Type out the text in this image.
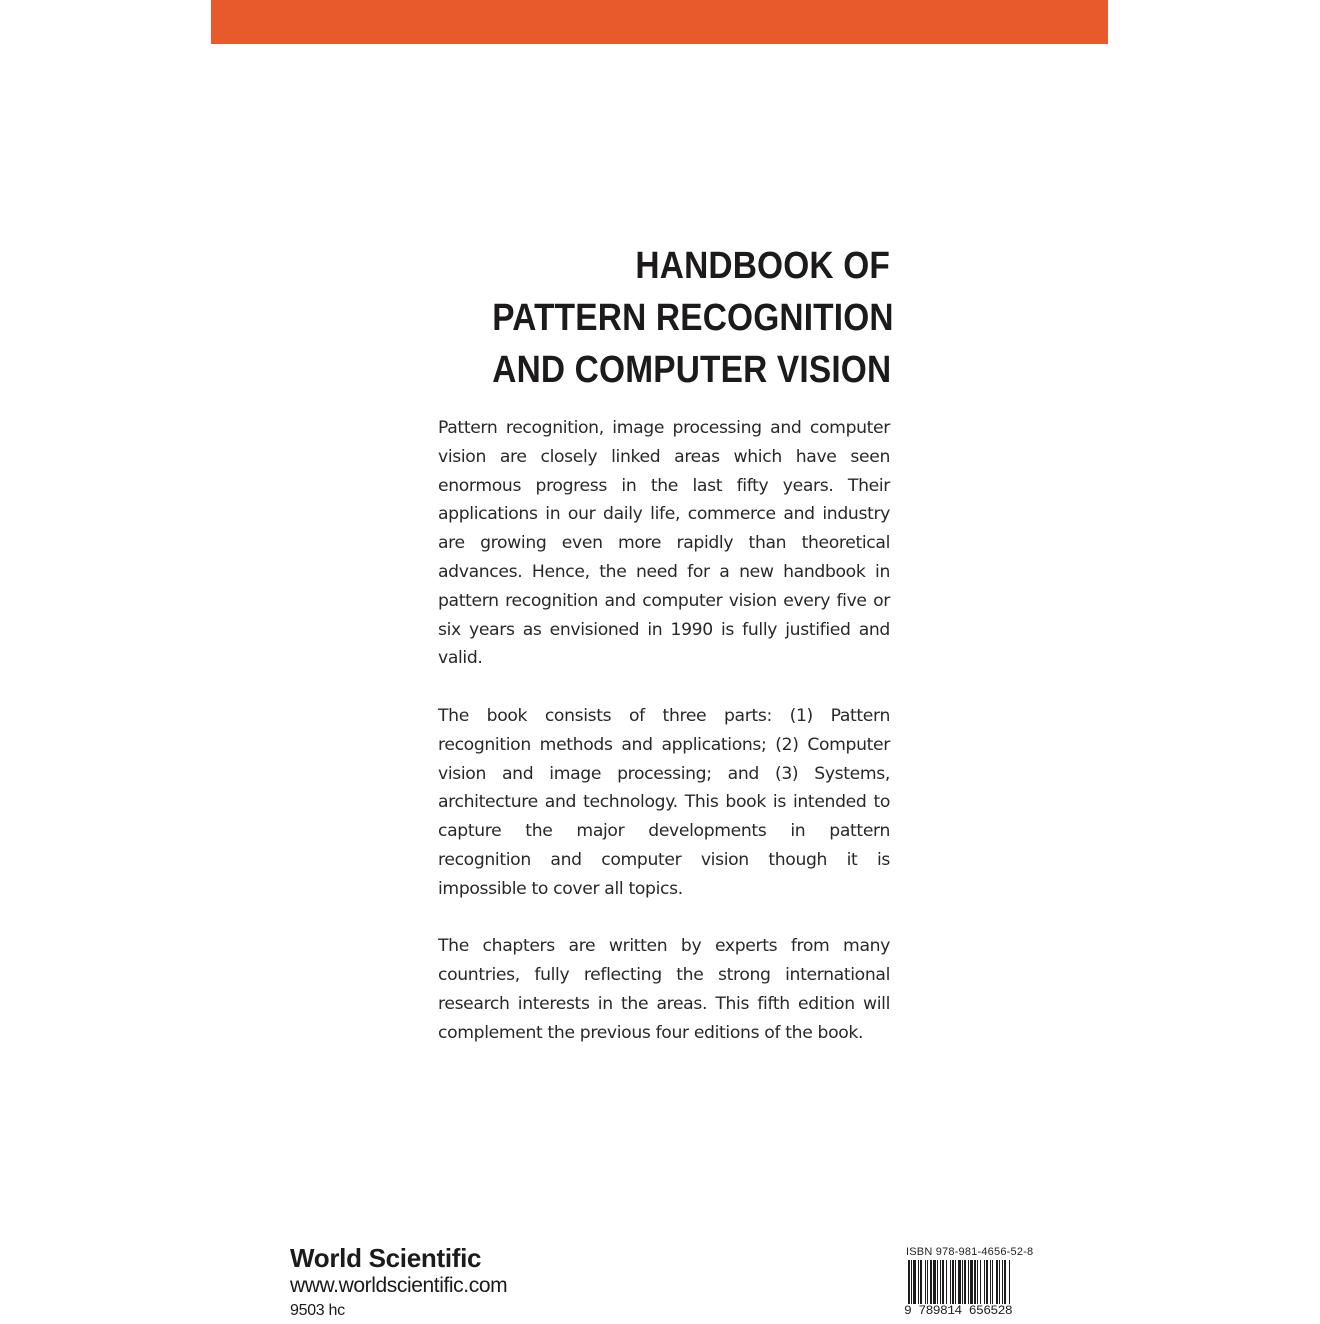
HANDBOOK OF
PATTERN RECOGNITION
AND COMPUTER VISION

Pattern recognition, image processing and computer vision are closely linked areas which have seen enormous progress in the last fifty years. Their applications in our daily life, commerce and industry are growing even more rapidly than theoretical advances. Hence, the need for a new handbook in pattern recognition and computer vision every five or six years as envisioned in 1990 is fully justified and valid.

The book consists of three parts: (1) Pattern recognition methods and applications; (2) Computer vision and image processing; and (3) Systems, architecture and technology. This book is intended to capture the major developments in pattern recognition and computer vision though it is impossible to cover all topics.

The chapters are written by experts from many countries, fully reflecting the strong international research interests in the areas. This fifth edition will complement the previous four editions of the book.

World Scientific
www.worldscientific.com
9503 hc
ISBN 978-981-4656-52-8
9 789814 656528
